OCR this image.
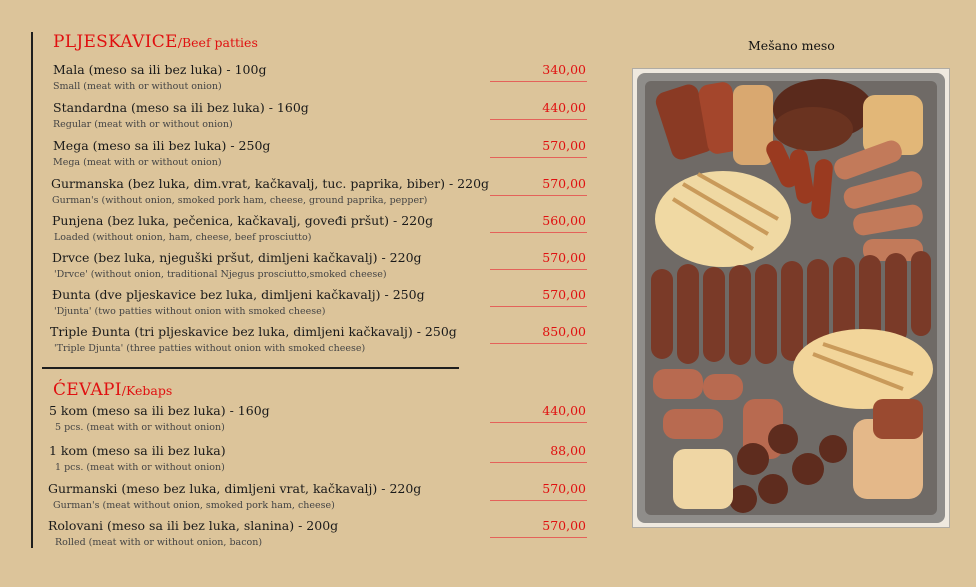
PLJESKAVICE/Beef patties
Mala (meso sa ili bez luka) - 100g
Small (meat with or without onion)
340,00
Standardna (meso sa ili bez luka) - 160g
Regular (meat with or without onion)
440,00
Mega (meso sa ili bez luka) - 250g
Mega (meat with or without onion)
570,00
Gurmanska (bez luka, dim.vrat, kačkavalj, tuc. paprika, biber) - 220g
Gurman's (without onion, smoked pork ham, cheese, ground paprika, pepper)
570,00
Punjena (bez luka, pečenica, kačkavalj, goveđi pršut) - 220g
Loaded (without onion, ham, cheese, beef prosciutto)
560,00
Drvce (bez luka, njeguški pršut, dimljeni kačkavalj) - 220g
'Drvce' (without onion, traditional Njegus prosciutto,smoked cheese)
570,00
Đunta (dve pljeskavice bez luka, dimljeni kačkavalj) - 250g
'Djunta' (two patties without onion with smoked cheese)
570,00
Triple Đunta (tri pljeskavice bez luka, dimljeni kačkavalj) - 250g
'Triple Djunta' (three patties without onion with smoked cheese)
850,00
ĆEVAPI/Kebaps
5 kom (meso sa ili bez luka) - 160g
5 pcs. (meat with or without onion)
440,00
1 kom (meso sa ili bez luka)
1 pcs. (meat with or without onion)
88,00
Gurmanski (meso bez luka, dimljeni vrat, kačkavalj) - 220g
Gurman's (meat without onion, smoked pork ham, cheese)
570,00
Rolovani (meso sa ili bez luka, slanina) - 200g
Rolled (meat with or without onion, bacon)
570,00
Mešano meso
